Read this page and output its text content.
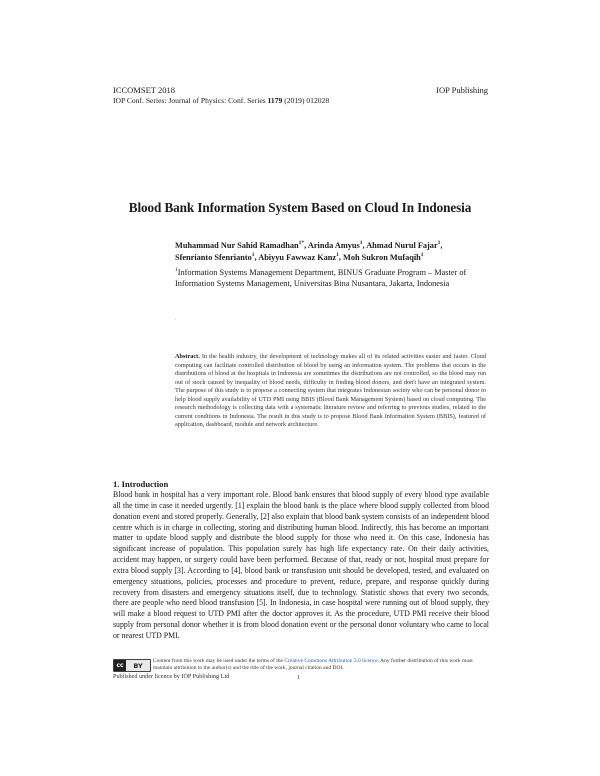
ICCOMSET 2018	IOP Publishing
IOP Conf. Series: Journal of Physics: Conf. Series 1179 (2019) 012028
Blood Bank Information System Based on Cloud In Indonesia
Muhammad Nur Sahid Ramadhan$^{1*}$, Arinda Amyus$^1$, Ahmad Nurul Fajar$^1$,
Sfenrianto Sfenrianto$^1$, Abiyyu Fawwaz Kanz$^1$, Moh Sukron Mufaqih$^1$
$^1$Information Systems Management Department, BINUS Graduate Program – Master of Information Systems Management, Universitas Bina Nusantara, Jakarta, Indonesia
.
Abstract. In the health industry, the development of technology makes all of its related activities easier and faster. Cloud computing can facilitate controlled distribution of blood by using an information system. The problems that occurs in the distributions of blood at the hospitals in Indonesia are sometimes the distributions are not controlled, so the blood may run out of stock caused by inequality of blood needs, difficulty in finding blood donors, and don't have an integrated system. The purpose of this study is to propose a connecting system that integrates Indonesian society who can be personal donor to help blood supply availability of UTD PMI using BBIS (Blood Bank Management System) based on cloud computing. The research methodology is collecting data with a systematic literature review and referring to previous studies, related to the current conditions in Indonesia. The result in this study is to propose Blood Bank Information System (BBIS), featured of application, dashboard, module and network architecture.
1. Introduction
Blood bank in hospital has a very important role. Blood bank ensures that blood supply of every blood type available all the time in case it needed urgently. [1] explain the blood bank is the place where blood supply collected from blood donation event and stored properly. Generally, [2] also explain that blood bank system consists of an independent blood centre which is in charge in collecting, storing and distributing human blood. Indirectly, this has become an important matter to update blood supply and distribute the blood supply for those who need it. On this case, Indonesia has significant increase of population. This population surely has high life expectancy rate. On their daily activities, accident may happen, or surgery could have been performed. Because of that, ready or not, hospital must prepare for extra blood supply [3]. According to [4], blood bank or transfusion unit should be developed, tested, and evaluated on emergency situations, policies, processes and procedure to prevent, reduce, prepare, and response quickly during recovery from disasters and emergency situations itself, due to technology. Statistic shows that every two seconds, there are people who need blood transfusion [5]. In Indonesia, in case hospital were running out of blood supply, they will make a blood request to UTD PMI after the doctor approves it. As the procedure, UTD PMI receive their blood supply from personal donor whether it is from blood donation event or the personal donor voluntary who came to local or nearest UTD PMI.
cc	BY
Content from this work may be used under the terms of the Creative Commons Attribution 3.0 licence. Any further distribution of this work must maintain attribution to the author(s) and the title of the work, journal citation and DOI.
Published under licence by IOP Publishing Ltd	1
